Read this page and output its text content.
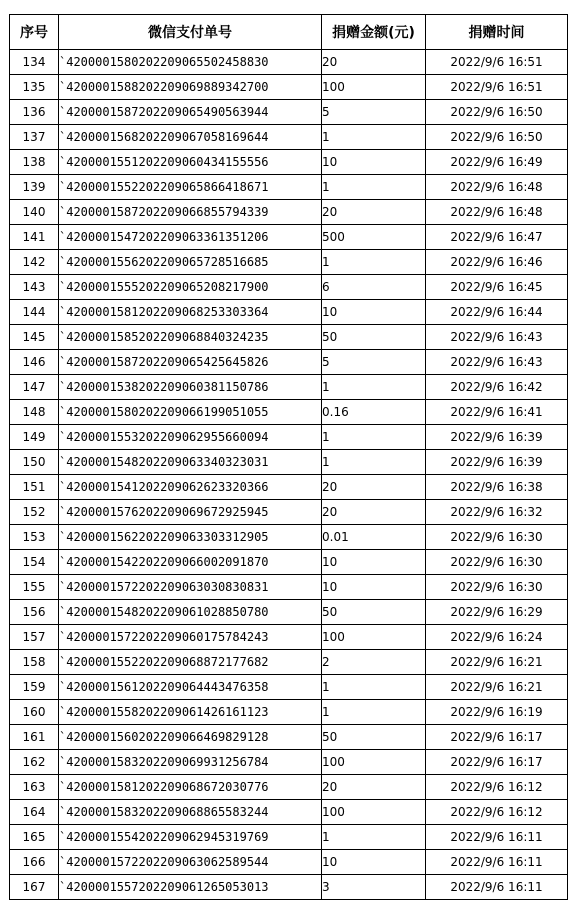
序号	微信支付单号	捐赠金额(元)	捐赠时间
134	`4200001580202209065502458830	20	2022/9/6 16:51
135	`4200001588202209069889342700	100	2022/9/6 16:51
136	`4200001587202209065490563944	5	2022/9/6 16:50
137	`4200001568202209067058169644	1	2022/9/6 16:50
138	`4200001551202209060434155556	10	2022/9/6 16:49
139	`4200001552202209065866418671	1	2022/9/6 16:48
140	`4200001587202209066855794339	20	2022/9/6 16:48
141	`4200001547202209063361351206	500	2022/9/6 16:47
142	`4200001556202209065728516685	1	2022/9/6 16:46
143	`4200001555202209065208217900	6	2022/9/6 16:45
144	`4200001581202209068253303364	10	2022/9/6 16:44
145	`4200001585202209068840324235	50	2022/9/6 16:43
146	`4200001587202209065425645826	5	2022/9/6 16:43
147	`4200001538202209060381150786	1	2022/9/6 16:42
148	`4200001580202209066199051055	0.16	2022/9/6 16:41
149	`4200001553202209062955660094	1	2022/9/6 16:39
150	`4200001548202209063340323031	1	2022/9/6 16:39
151	`4200001541202209062623320366	20	2022/9/6 16:38
152	`4200001576202209069672925945	20	2022/9/6 16:32
153	`4200001562202209063303312905	0.01	2022/9/6 16:30
154	`4200001542202209066002091870	10	2022/9/6 16:30
155	`4200001572202209063030830831	10	2022/9/6 16:30
156	`4200001548202209061028850780	50	2022/9/6 16:29
157	`4200001572202209060175784243	100	2022/9/6 16:24
158	`4200001552202209068872177682	2	2022/9/6 16:21
159	`4200001561202209064443476358	1	2022/9/6 16:21
160	`4200001558202209061426161123	1	2022/9/6 16:19
161	`4200001560202209066469829128	50	2022/9/6 16:17
162	`4200001583202209069931256784	100	2022/9/6 16:17
163	`4200001581202209068672030776	20	2022/9/6 16:12
164	`4200001583202209068865583244	100	2022/9/6 16:12
165	`4200001554202209062945319769	1	2022/9/6 16:11
166	`4200001572202209063062589544	10	2022/9/6 16:11
167	`4200001557202209061265053013	3	2022/9/6 16:11
